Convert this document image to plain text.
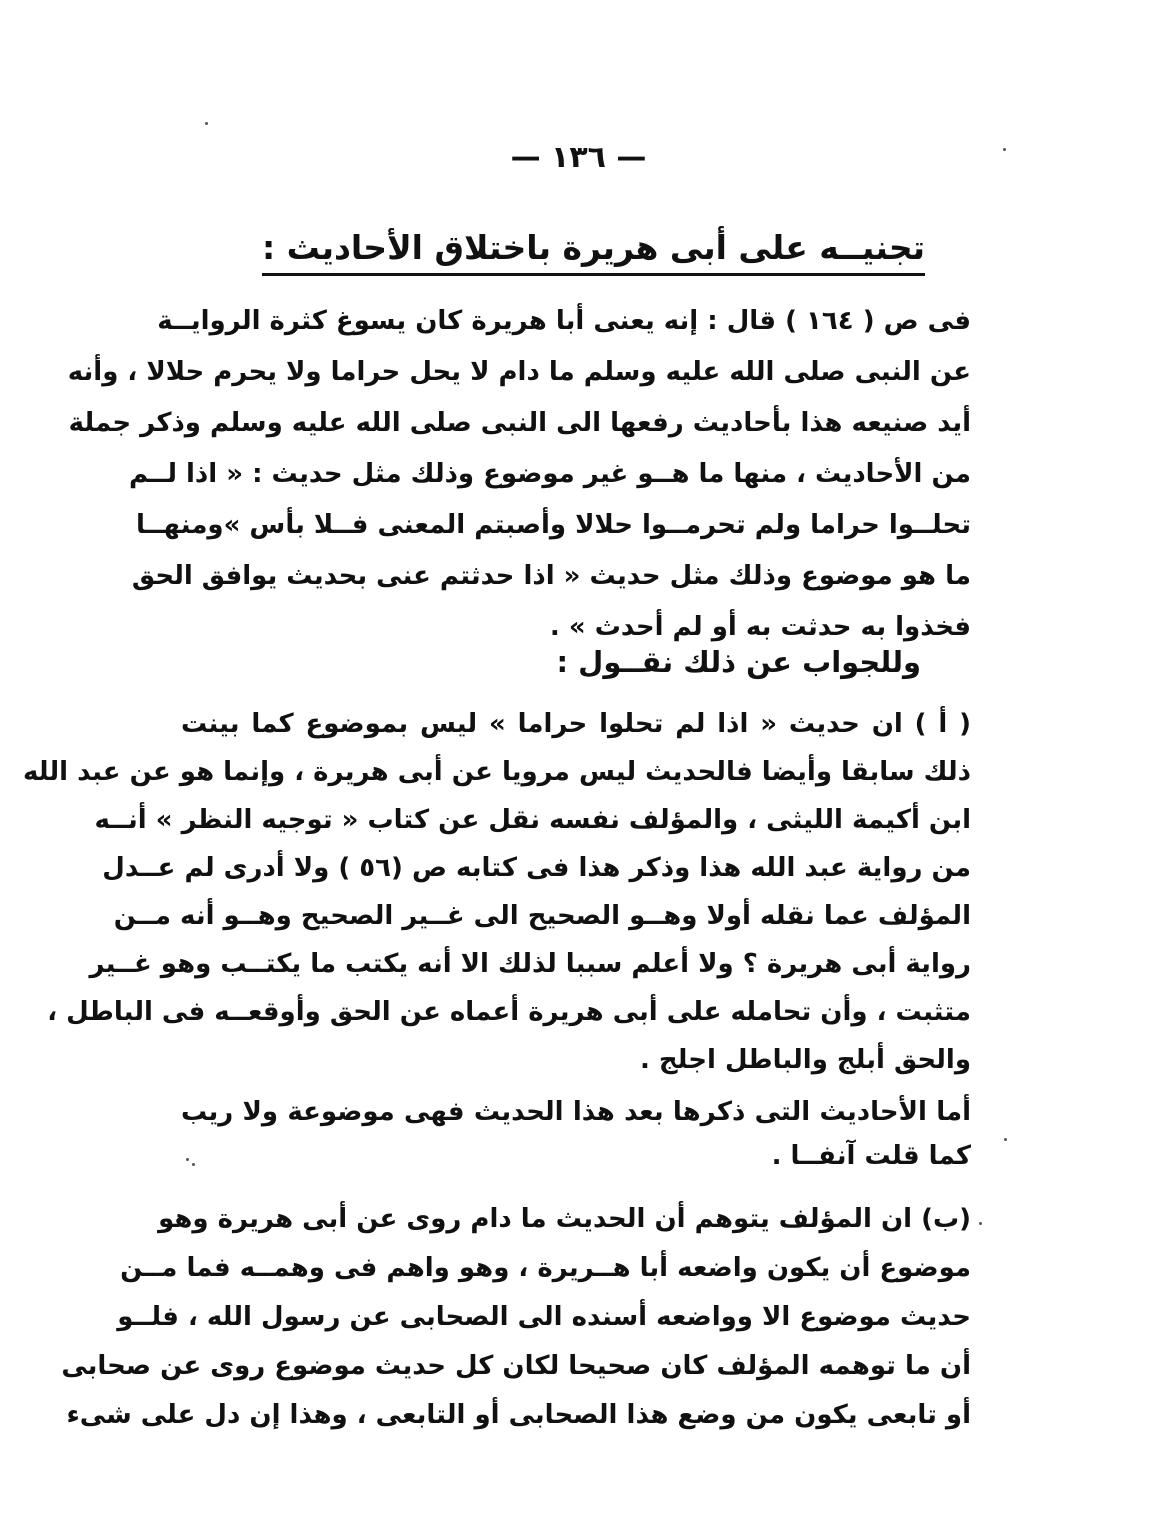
— ١٣٦ —
تجنيــه على أبى هريرة باختلاق الأحاديث :
فى ص ( ١٦٤ ) قال : إنه يعنى أبا هريرة كان يسوغ كثرة الروايــة
عن النبى صلى الله عليه وسلم ما دام لا يحل حراما ولا يحرم حلالا ، وأنه
أيد صنيعه هذا بأحاديث رفعها الى النبى صلى الله عليه وسلم وذكر جملة
من الأحاديث ، منها ما هــو غير موضوع وذلك مثل حديث : « اذا لــم
تحلــوا حراما ولم تحرمــوا حلالا وأصبتم المعنى فــلا بأس »ومنهــا
ما هو موضوع وذلك مثل حديث « اذا حدثتم عنى بحديث يوافق الحق
فخذوا به حدثت به أو لم أحدث » .
وللجواب عن ذلك نقــول :
( أ ) ان حديث « اذا لم تحلوا حراما » ليس بموضوع كما بينت
ذلك سابقا وأيضا فالحديث ليس مرويا عن أبى هريرة ، وإنما هو عن عبد الله
ابن أكيمة الليثى ، والمؤلف نفسه نقل عن كتاب « توجيه النظر » أنــه
من رواية عبد الله هذا وذكر هذا فى كتابه ص (٥٦ ) ولا أدرى لم عــدل
المؤلف عما نقله أولا وهــو الصحيح الى غــير الصحيح وهــو أنه مــن
رواية أبى هريرة ؟ ولا أعلم سببا لذلك الا أنه يكتب ما يكتــب وهو غــير
متثبت ، وأن تحامله على أبى هريرة أعماه عن الحق وأوقعــه فى الباطل ،
والحق أبلج والباطل اجلج .
أما الأحاديث التى ذكرها بعد هذا الحديث فهى موضوعة ولا ريب
كما قلت آنفــا .
(ب) ان المؤلف يتوهم أن الحديث ما دام روى عن أبى هريرة وهو
موضوع أن يكون واضعه أبا هــريرة ، وهو واهم فى وهمــه فما مــن
حديث موضوع الا وواضعه أسنده الى الصحابى عن رسول الله ، فلــو
أن ما توهمه المؤلف كان صحيحا لكان كل حديث موضوع روى عن صحابى
أو تابعى يكون من وضع هذا الصحابى أو التابعى ، وهذا إن دل على شىء
